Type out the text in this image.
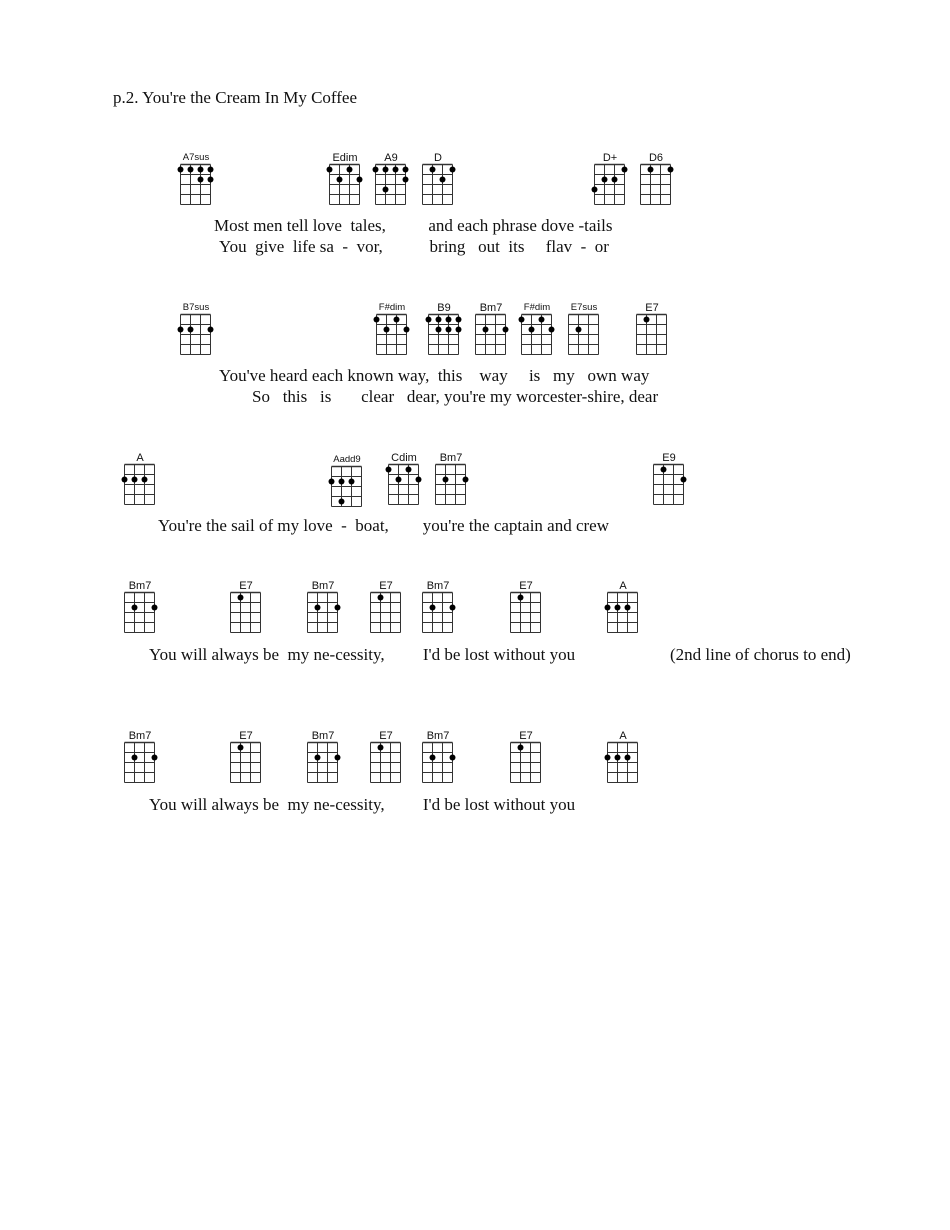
p.2. You're the Cream In My Coffee
A7sus	Edim	A9	D	D+	D6
Most men tell love  tales,          and each phrase dove -tails
You  give  life sa  -  vor,           bring   out  its     flav  -  or
B7sus	F#dim	B9	Bm7	F#dim E7sus	E7
You've heard each known way,  this    way     is   my   own way
So   this   is       clear   dear, you're my worcester-shire, dear
A	Aadd9	Cdim	Bm7	E9
You're the sail of my love  -  boat,        you're the captain and crew
Bm7	E7	Bm7	E7	Bm7	E7	A
You will always be  my ne-cessity,         I'd be lost without you	(2nd line of chorus to end)
Bm7	E7	Bm7	E7	Bm7	E7	A
You will always be  my ne-cessity,         I'd be lost without you
